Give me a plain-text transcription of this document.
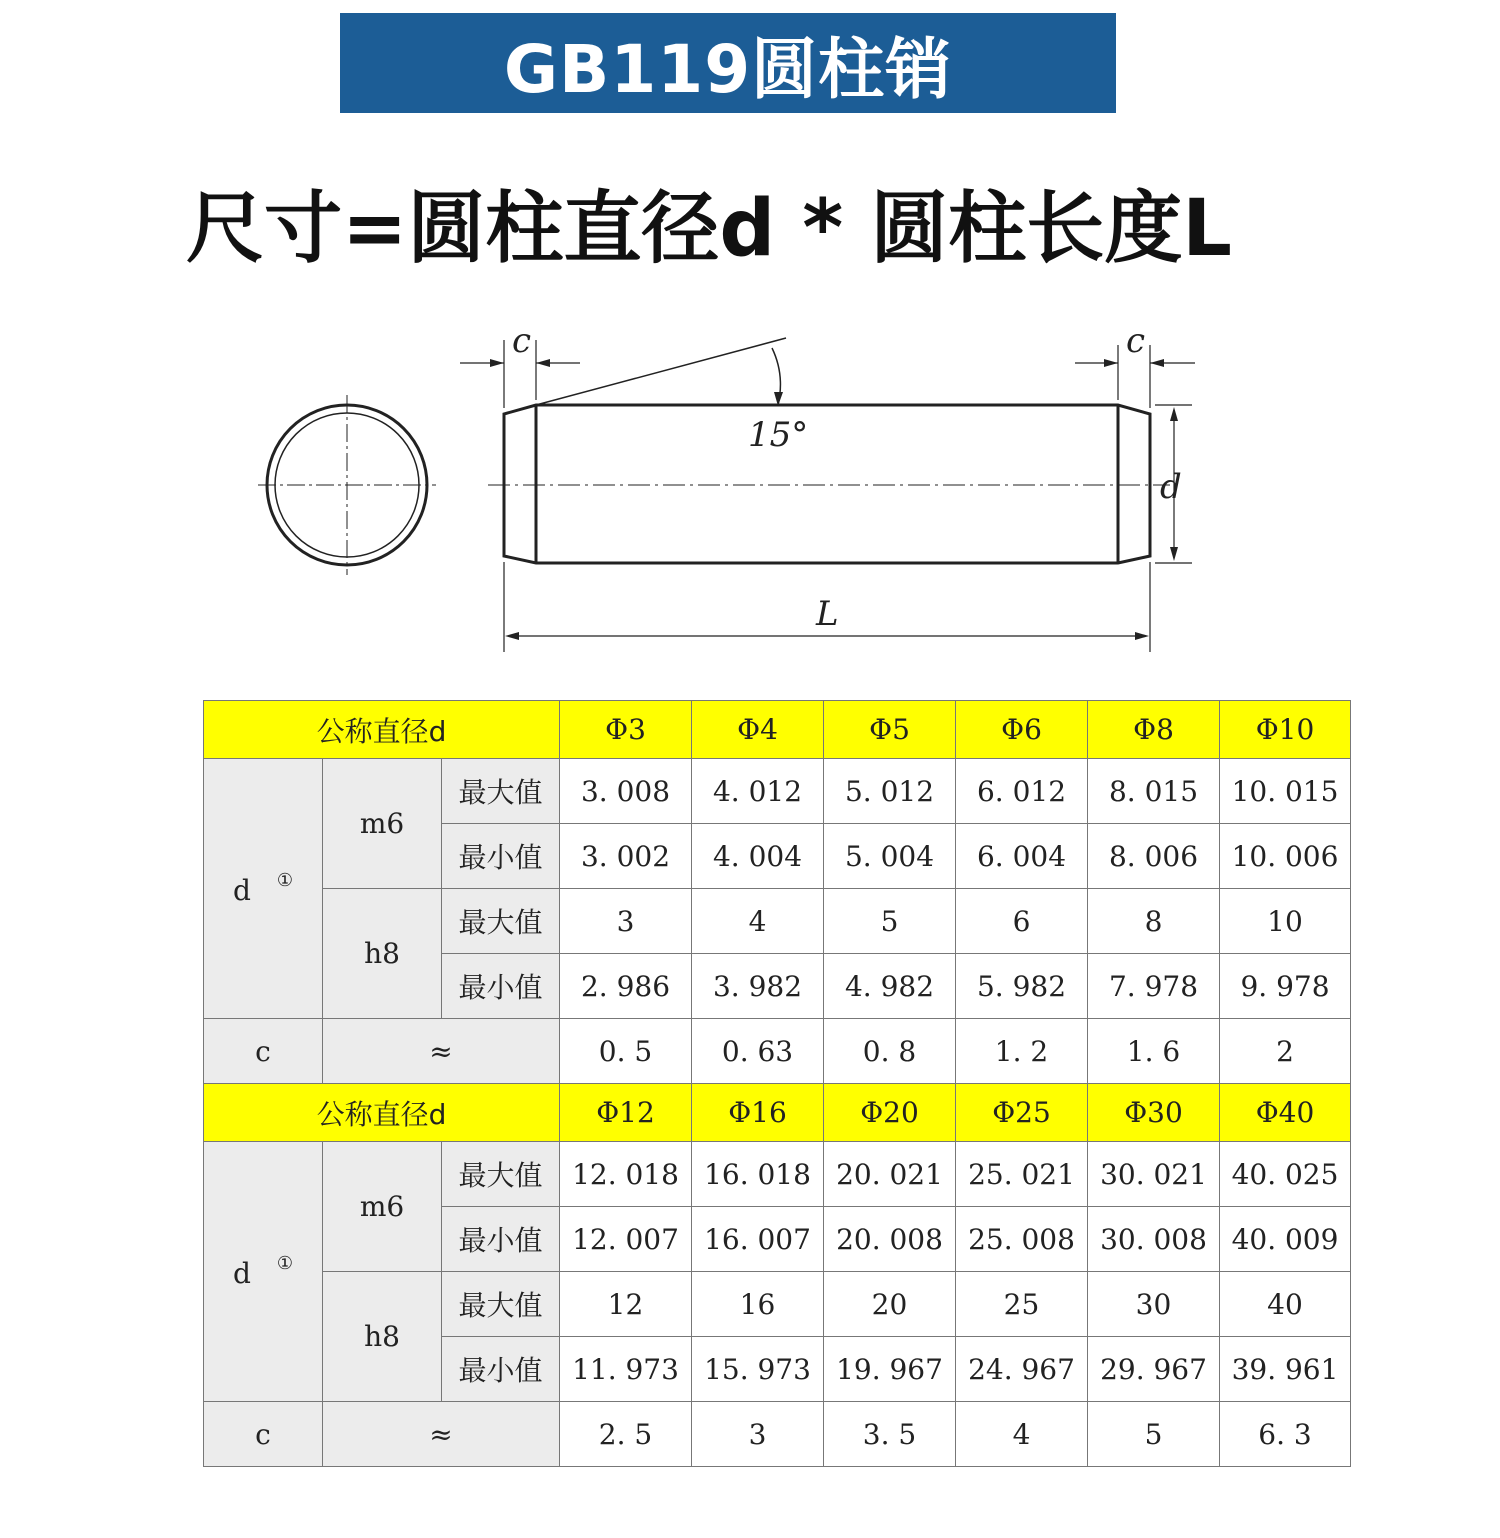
GB119圆柱销
尺寸=圆柱直径d * 圆柱长度L
c	c
15°
d
L
公称直径d			Φ3	Φ4	Φ5	Φ6	Φ8	Φ10
d ①	m6	最大值	3. 008	4. 012	5. 012	6. 012	8. 015	10. 015
		最小值	3. 002	4. 004	5. 004	6. 004	8. 006	10. 006
	h8	最大值	3	4	5	6	8	10
		最小值	2. 986	3. 982	4. 982	5. 982	7. 978	9. 978
c	≈		0. 5	0. 63	0. 8	1. 2	1. 6	2
公称直径d			Φ12	Φ16	Φ20	Φ25	Φ30	Φ40
d ①	m6	最大值	12. 018	16. 018	20. 021	25. 021	30. 021	40. 025
		最小值	12. 007	16. 007	20. 008	25. 008	30. 008	40. 009
	h8	最大值	12	16	20	25	30	40
		最小值	11. 973	15. 973	19. 967	24. 967	29. 967	39. 961
c	≈		2. 5	3	3. 5	4	5	6. 3
